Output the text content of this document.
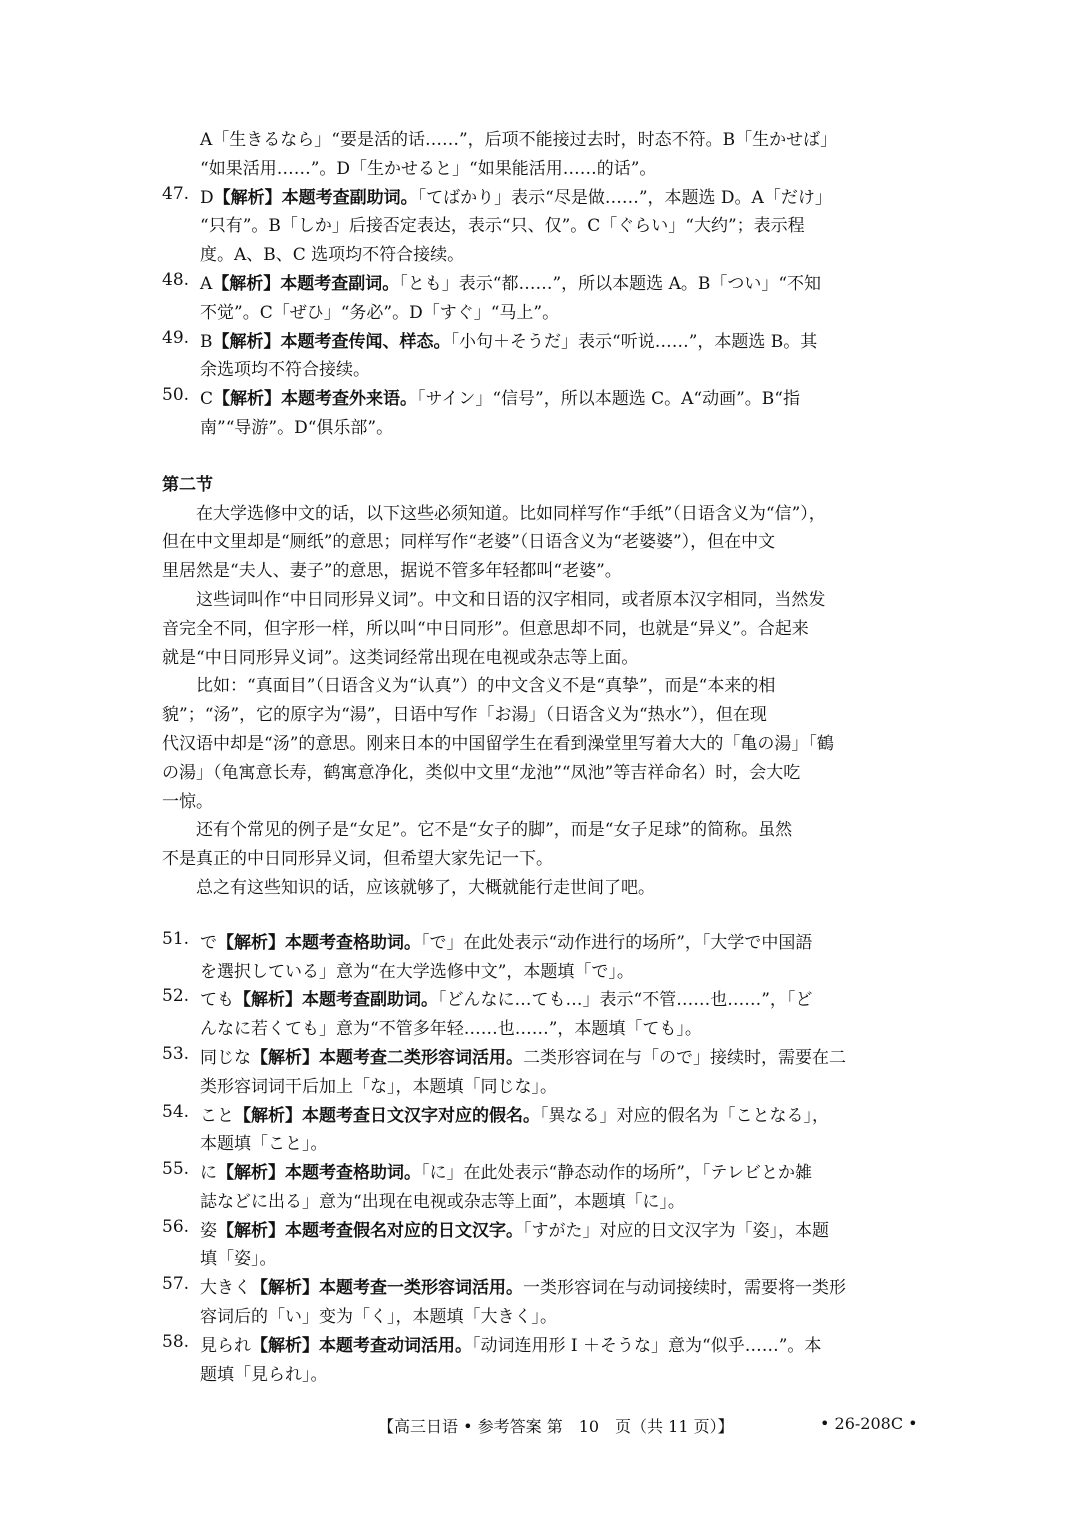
A「生きるなら」“要是活的话……”，后项不能接过去时，时态不符。B「生かせば」
“如果活用……”。D「生かせると」“如果能活用……的话”。
47. D【解析】本题考查副助词。「てばかり」表示“尽是做……”，本题选 D。A「だけ」
“只有”。B「しか」后接否定表达，表示“只、仅”。C「ぐらい」“大约”；表示程
度。A、B、C 选项均不符合接续。
48. A【解析】本题考查副词。「とも」表示“都……”，所以本题选 A。B「つい」“不知
不觉”。C「ぜひ」“务必”。D「すぐ」“马上”。
49. B【解析】本题考查传闻、样态。「小句＋そうだ」表示“听说……”，本题选 B。其
余选项均不符合接续。
50. C【解析】本题考查外来语。「サイン」“信号”，所以本题选 C。A“动画”。B“指
南”“导游”。D“俱乐部”。
第二节
在大学选修中文的话，以下这些必须知道。比如同样写作“手纸”（日语含义为“信”），
但在中文里却是“厕纸”的意思；同样写作“老婆”（日语含义为“老婆婆”），但在中文
里居然是“夫人、妻子”的意思，据说不管多年轻都叫“老婆”。
这些词叫作“中日同形异义词”。中文和日语的汉字相同，或者原本汉字相同，当然发
音完全不同，但字形一样，所以叫“中日同形”。但意思却不同，也就是“异义”。合起来
就是“中日同形异义词”。这类词经常出现在电视或杂志等上面。
比如：“真面目”（日语含义为“认真”）的中文含义不是“真挚”，而是“本来的相
貌”；“汤”，它的原字为“湯”，日语中写作「お湯」（日语含义为“热水”），但在现
代汉语中却是“汤”的意思。刚来日本的中国留学生在看到澡堂里写着大大的「亀の湯」「鶴
の湯」（龟寓意长寿，鹤寓意净化，类似中文里“龙池”“凤池”等吉祥命名）时，会大吃
一惊。
还有个常见的例子是“女足”。它不是“女子的脚”，而是“女子足球”的简称。虽然
不是真正的中日同形异义词，但希望大家先记一下。
总之有这些知识的话，应该就够了，大概就能行走世间了吧。
51. で【解析】本题考查格助词。「で」在此处表示“动作进行的场所”，「大学で中国語
を選択している」意为“在大学选修中文”，本题填「で」。
52. ても【解析】本题考查副助词。「どんなに…ても…」表示“不管……也……”，「ど
んなに若くても」意为“不管多年轻……也……”，本题填「ても」。
53. 同じな【解析】本题考查二类形容词活用。二类形容词在与「ので」接续时，需要在二
类形容词词干后加上「な」，本题填「同じな」。
54. こと【解析】本题考查日文汉字对应的假名。「異なる」对应的假名为「ことなる」，
本题填「こと」。
55. に【解析】本题考查格助词。「に」在此处表示“静态动作的场所”，「テレビとか雑
誌などに出る」意为“出现在电视或杂志等上面”，本题填「に」。
56. 姿【解析】本题考查假名对应的日文汉字。「すがた」对应的日文汉字为「姿」，本题
填「姿」。
57. 大きく【解析】本题考查一类形容词活用。一类形容词在与动词接续时，需要将一类形
容词后的「い」变为「く」，本题填「大きく」。
58. 見られ【解析】本题考查动词活用。「动词连用形 I ＋そうな」意为“似乎……”。本
题填「見られ」。
【高三日语 • 参考答案 第　10　页（共 11 页）】	• 26-208C •
